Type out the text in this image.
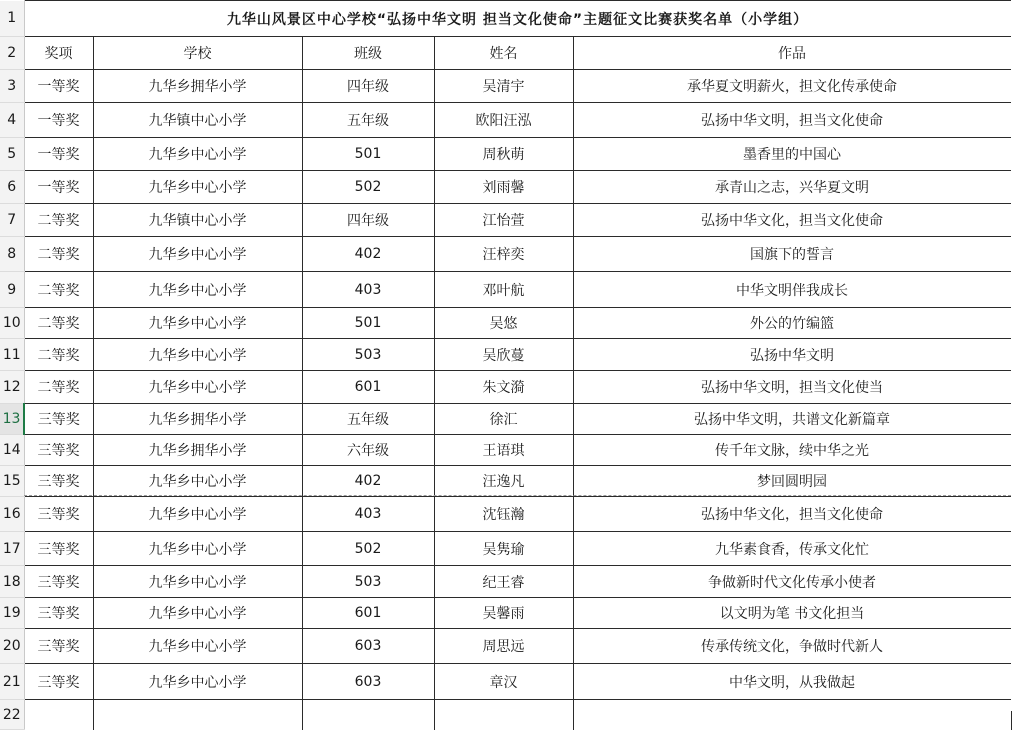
1	九华山风景区中心学校“弘扬中华文明 担当文化使命”主题征文比赛获奖名单（小学组）				
2	奖项	学校	班级	姓名	作品
3	一等奖	九华乡拥华小学	四年级	吴清宇	承华夏文明薪火，担文化传承使命
4	一等奖	九华镇中心小学	五年级	欧阳汪泓	弘扬中华文明，担当文化使命
5	一等奖	九华乡中心小学	501	周秋萌	墨香里的中国心
6	一等奖	九华乡中心小学	502	刘雨馨	承青山之志，兴华夏文明
7	二等奖	九华镇中心小学	四年级	江怡萱	弘扬中华文化，担当文化使命
8	二等奖	九华乡中心小学	402	汪梓奕	国旗下的誓言
9	二等奖	九华乡中心小学	403	邓叶航	中华文明伴我成长
10	二等奖	九华乡中心小学	501	吴悠	外公的竹编篮
11	二等奖	九华乡中心小学	503	吴欣蔓	弘扬中华文明
12	二等奖	九华乡中心小学	601	朱文漪	弘扬中华文明，担当文化使当
13	三等奖	九华乡拥华小学	五年级	徐汇	弘扬中华文明，共谱文化新篇章
14	三等奖	九华乡拥华小学	六年级	王语琪	传千年文脉，续中华之光
15	三等奖	九华乡中心小学	402	汪逸凡	梦回圆明园
16	三等奖	九华乡中心小学	403	沈钰瀚	弘扬中华文化，担当文化使命
17	三等奖	九华乡中心小学	502	吴隽瑜	九华素食香，传承文化忙
18	三等奖	九华乡中心小学	503	纪王睿	争做新时代文化传承小使者
19	三等奖	九华乡中心小学	601	吴馨雨	以文明为笔 书文化担当
20	三等奖	九华乡中心小学	603	周思远	传承传统文化，争做时代新人
21	三等奖	九华乡中心小学	603	章汉	中华文明，从我做起
22					
